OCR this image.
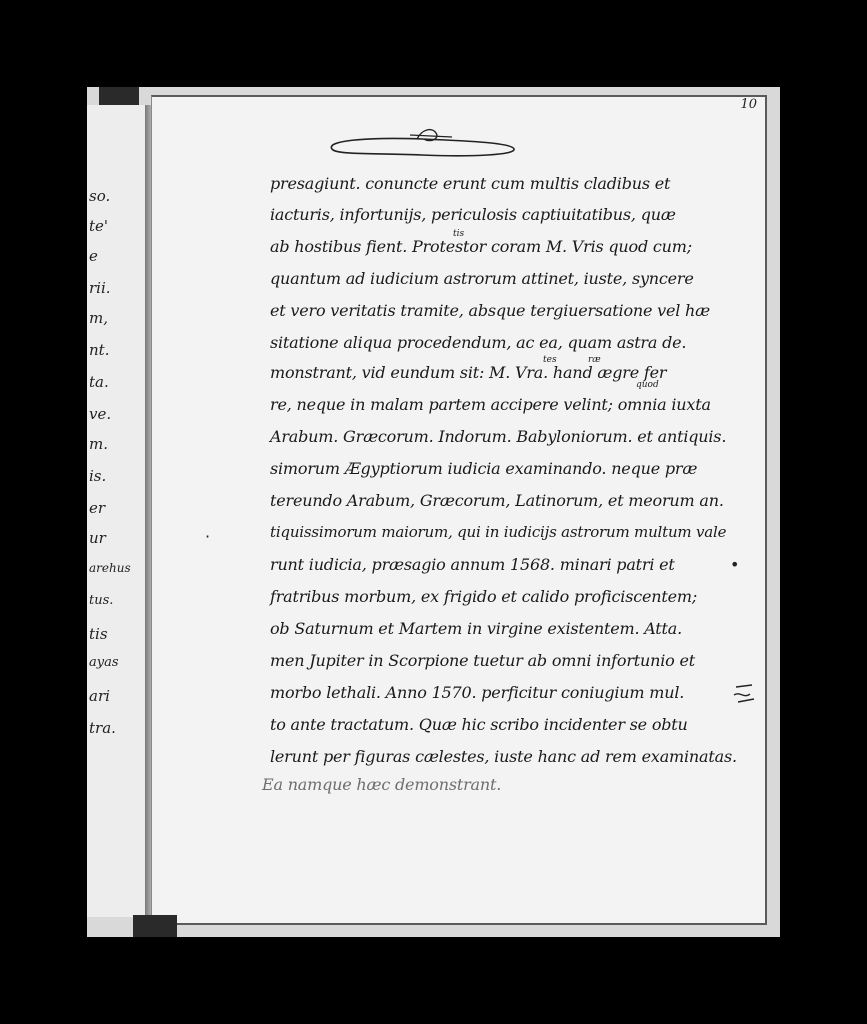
so.
te'
e
rii.
m,
nt.
ta.
ve.
m.
is.
er
ur
arehus
tus.
tis
ayas
ari
tra.
10
presagiunt. conuncte erunt cum multis cladibus et
iacturis, infortunijs, periculosis captiuitatibus, quæ
ab hostibus fient. Protestor coram M. Vris quod cum;
tis
quantum ad iudicium astrorum attinet, iuste, syncere
et vero veritatis tramite, absque tergiuersatione vel hæ
sitatione aliqua procedendum, ac ea, quam astra de.
monstrant, vid eundum sit: M. Vra. hand ægre fer
tes	ræ
re, neque in malam partem accipere velint; omnia iuxta
quod
Arabum. Græcorum. Indorum. Babyloniorum. et antiquis.
simorum Ægyptiorum iudicia examinando. neque præ
tereundo Arabum, Græcorum, Latinorum, et meorum an.
tiquissimorum maiorum, qui in iudicijs astrorum multum vale
runt iudicia, præsagio annum 1568. minari patri et
fratribus morbum, ex frigido et calido proficiscentem;
ob Saturnum et Martem in virgine existentem. Atta.
men Jupiter in Scorpione tuetur ab omni infortunio et
morbo lethali. Anno 1570. perficitur coniugium mul.
to ante tractatum. Quæ hic scribo incidenter se obtu
lerunt per figuras cælestes, iuste hanc ad rem examinatas.
Ea namque hæc demonstrant.
·
•
